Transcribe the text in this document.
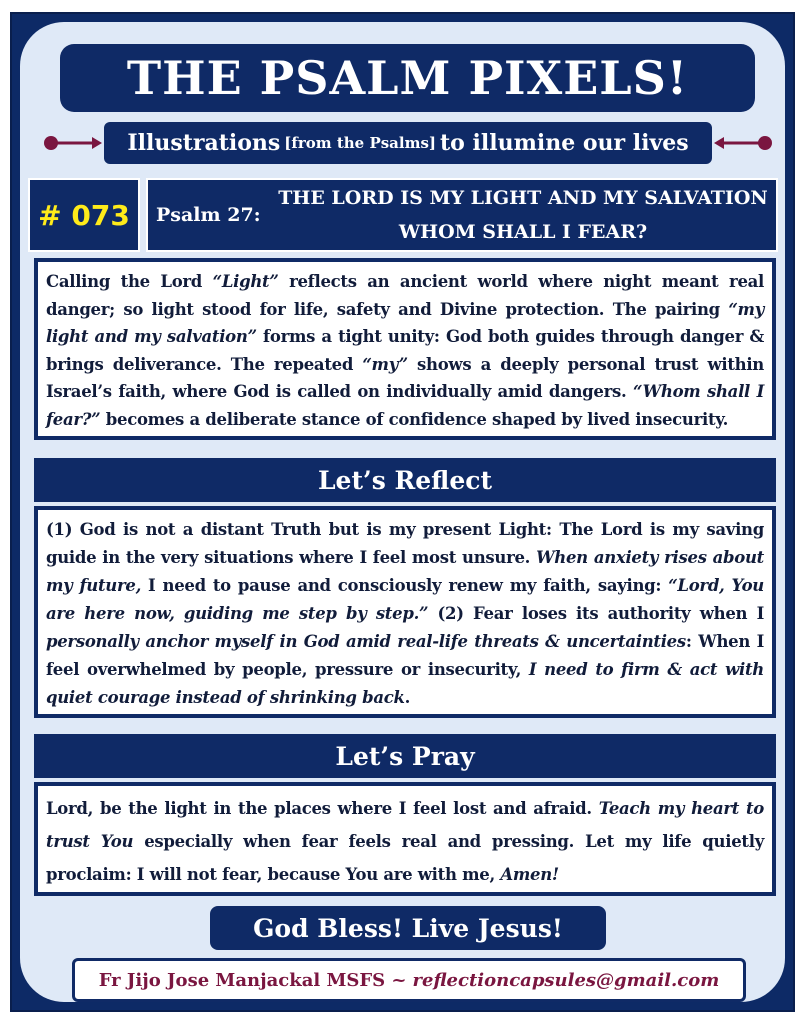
THE PSALM PIXELS!
Illustrations [from the Psalms] to illumine our lives
# 073	Psalm 27:
THE LORD IS MY LIGHT AND MY SALVATION
WHOM SHALL I FEAR?
Calling the Lord “Light” reflects an ancient world where night meant real danger; so light stood for life, safety and Divine protection. The pairing “my light and my salvation” forms a tight unity: God both guides through danger & brings deliverance. The repeated “my” shows a deeply personal trust within Israel’s faith, where God is called on individually amid dangers. “Whom shall I fear?” becomes a deliberate stance of confidence shaped by lived insecurity.
Let’s Reflect
(1) God is not a distant Truth but is my present Light: The Lord is my saving guide in the very situations where I feel most unsure. When anxiety rises about my future, I need to pause and consciously renew my faith, saying: “Lord, You are here now, guiding me step by step.” (2) Fear loses its authority when I personally anchor myself in God amid real-life threats & uncertainties: When I feel overwhelmed by people, pressure or insecurity, I need to firm & act with quiet courage instead of shrinking back.
Let’s Pray
Lord, be the light in the places where I feel lost and afraid. Teach my heart to trust You especially when fear feels real and pressing. Let my life quietly proclaim: I will not fear, because You are with me, Amen!
God Bless! Live Jesus!
Fr Jijo Jose Manjackal MSFS ~ reflectioncapsules@gmail.com
